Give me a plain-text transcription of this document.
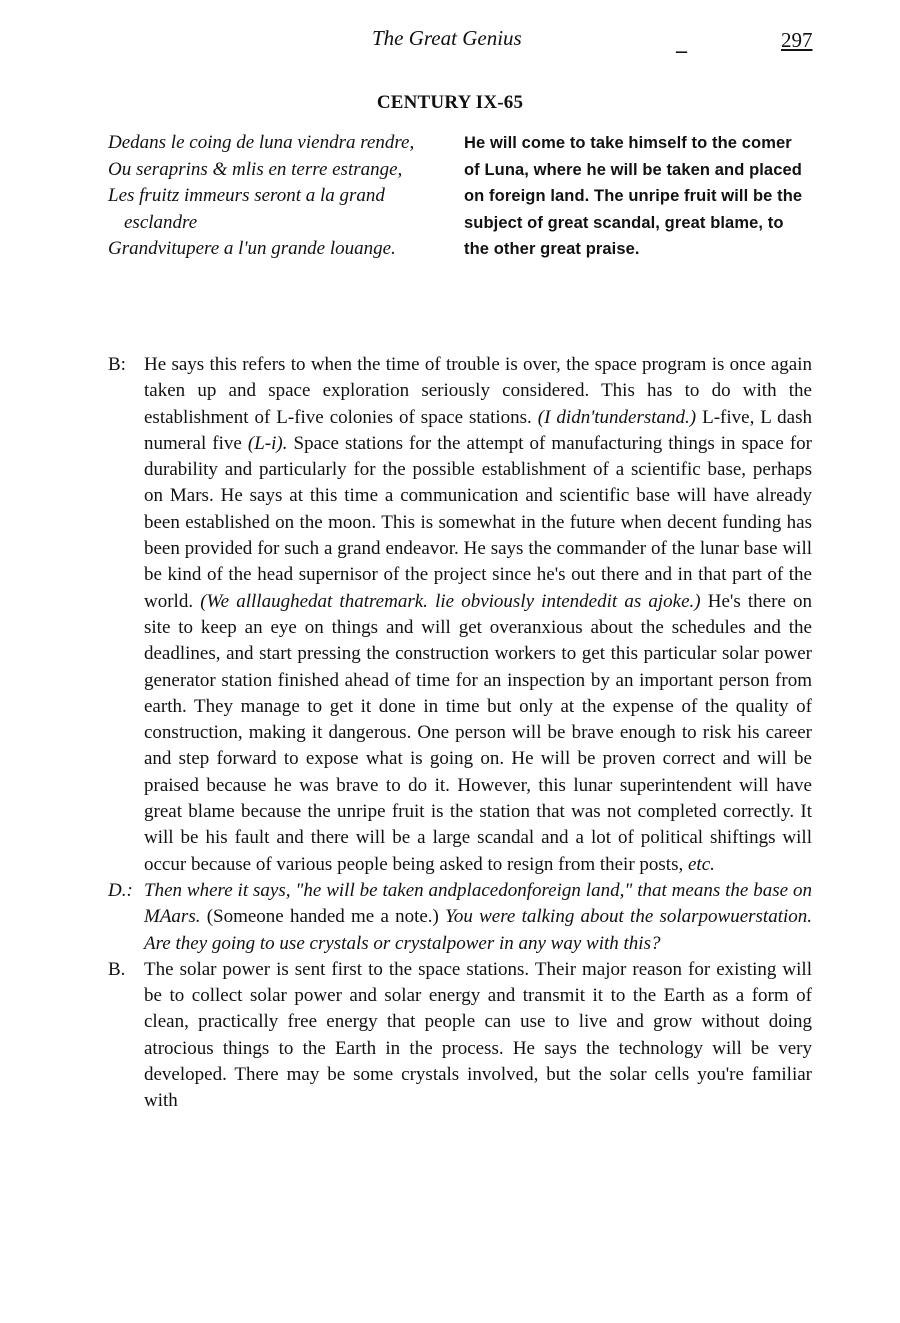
The Great Genius	_	297
CENTURY IX-65

Dedans le coing de luna viendra rendre,

Ou seraprins & mlis en terre estrange,

Les fruitz immeurs seront a la grand esclandre

Grandvitupere a l'un grande louange.

He will come to take himself to the comer of Luna, where he will be taken and placed on foreign land. The unripe fruit will be the subject of great scandal, great blame, to the other great praise.

B: He says this refers to when the time of trouble is over, the space program is once again taken up and space exploration seriously considered. This has to do with the establishment of L-five colonies of space stations. (I didn'tunderstand.) L-five, L dash numeral five (L-i). Space stations for the attempt of manufacturing things in space for durability and particularly for the possible establishment of a scientific base, perhaps on Mars. He says at this time a communication and scientific base will have already been established on the moon. This is somewhat in the future when decent funding has been provided for such a grand endeavor. He says the commander of the lunar base will be kind of the head supernisor of the project since he's out there and in that part of the world. (We alllaughedat thatremark. lie obviously intendedit as ajoke.) He's there on site to keep an eye on things and will get overanxious about the schedules and the deadlines, and start pressing the construction workers to get this particular solar power generator station finished ahead of time for an inspection by an important person from earth. They manage to get it done in time but only at the expense of the quality of construction, making it dangerous. One person will be brave enough to risk his career and step forward to expose what is going on. He will be proven correct and will be praised because he was brave to do it. However, this lunar superintendent will have great blame because the unripe fruit is the station that was not completed correctly. It will be his fault and there will be a large scandal and a lot of political shiftings will occur because of various people being asked to resign from their posts, etc.

D.: Then where it says, "he will be taken andplacedonforeign land," that means the base on MAars. (Someone handed me a note.) You were talking about the solarpowuerstation. Are they going to use crystals or crystalpower in any way with this?

B. The solar power is sent first to the space stations. Their major reason for existing will be to collect solar power and solar energy and transmit it to the Earth as a form of clean, practically free energy that people can use to live and grow without doing atrocious things to the Earth in the process. He says the technology will be very developed. There may be some crystals involved, but the solar cells you're familiar with
